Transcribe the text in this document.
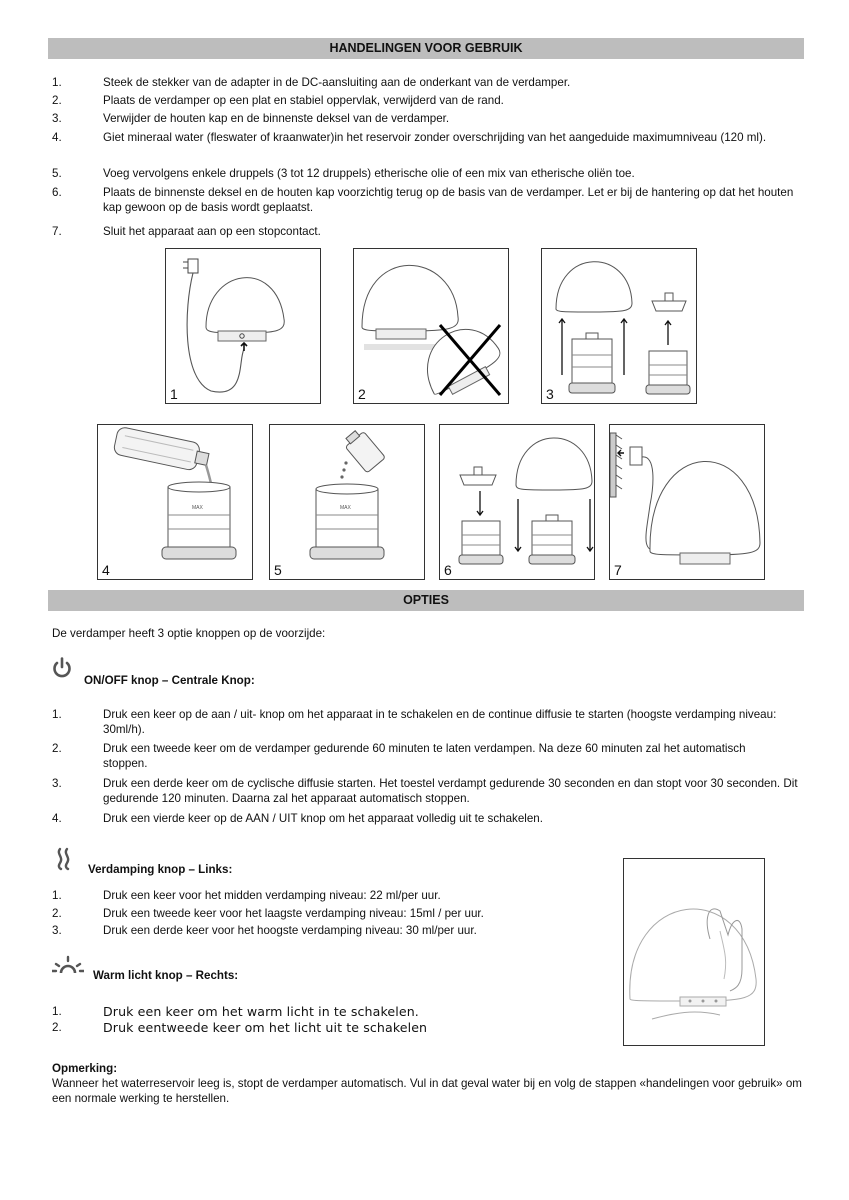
HANDELINGEN VOOR GEBRUIK
1.	Steek de stekker van de adapter in de DC-aansluiting aan de onderkant van de verdamper.
2.	Plaats de verdamper op een plat en stabiel oppervlak, verwijderd van de rand.
3.	Verwijder de houten kap en de binnenste deksel van de verdamper.
4.	Giet mineraal water (fleswater of kraanwater)in het reservoir zonder overschrijding van het aangeduide maximumniveau (120 ml).
5.	Voeg vervolgens enkele druppels (3 tot 12 druppels) etherische olie of een mix van etherische oliën toe.
6.	Plaats de binnenste deksel en de houten kap voorzichtig terug op de basis van de verdamper. Let er bij de hantering op dat het houten kap gewoon op de basis wordt geplaatst.
7.	Sluit het apparaat aan op een stopcontact.
1	2	3
MAX
4
MAX
5	6	7
OPTIES
De verdamper heeft 3 optie knoppen op de voorzijde:
ON/OFF knop – Centrale Knop:
1.	Druk een keer op de aan / uit- knop om het apparaat in te schakelen en de continue diffusie te starten (hoogste verdamping niveau: 30ml/h).
2.	Druk een tweede keer om de verdamper gedurende 60 minuten te laten verdampen. Na deze 60 minuten zal het automatisch stoppen.
3.	Druk een derde keer om de cyclische diffusie starten. Het toestel verdampt gedurende 30 seconden en dan stopt voor 30 seconden. Dit gedurende 120 minuten. Daarna zal het apparaat automatisch stoppen.
4.	Druk een vierde keer op de AAN / UIT knop om het apparaat volledig uit te schakelen.
Verdamping knop – Links:
1.	Druk een keer voor het midden verdamping niveau: 22 ml/per uur.
2.	Druk een tweede keer voor het laagste verdamping niveau: 15ml / per uur.
3.	Druk een derde keer voor het hoogste verdamping niveau: 30 ml/per uur.
Warm licht knop – Rechts:
1.	Druk een keer om het warm licht in te schakelen.
2.	Druk eentweede keer om het licht uit te schakelen
Opmerking:
Wanneer het waterreservoir leeg is, stopt de verdamper automatisch. Vul in dat geval water bij en volg de stappen «handelingen voor gebruik» om een normale werking te herstellen.
